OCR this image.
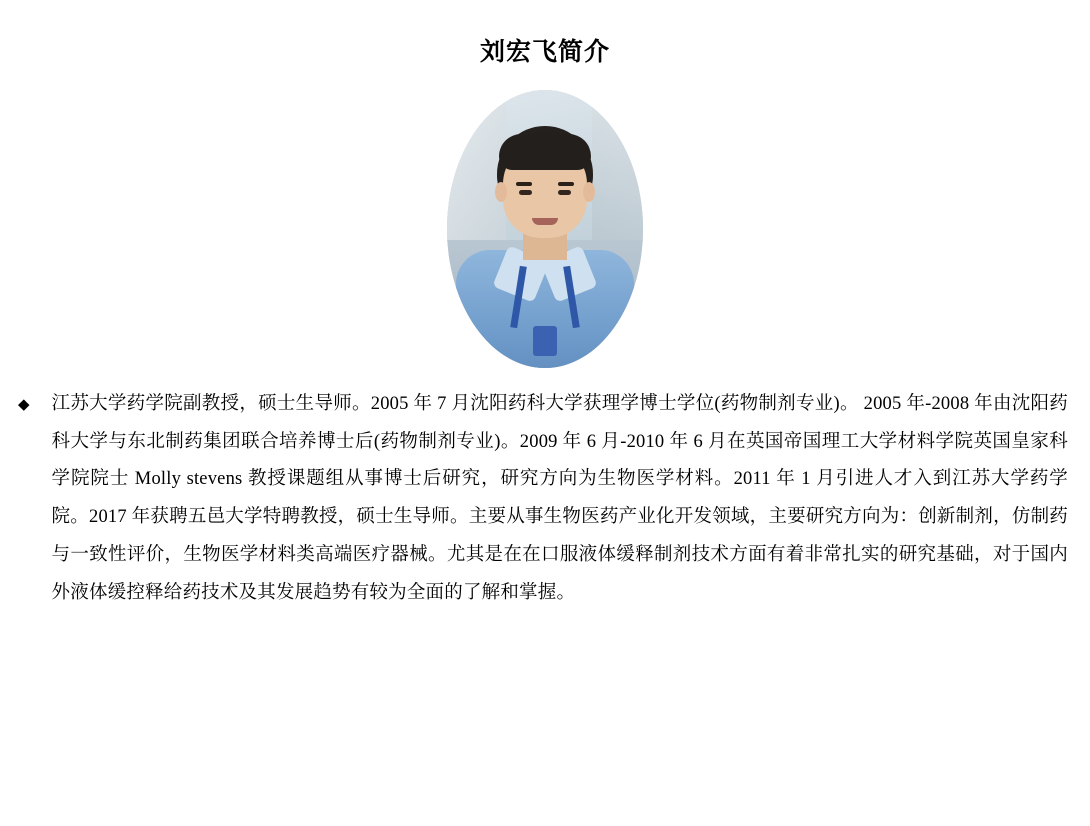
刘宏飞简介
◆ 江苏大学药学院副教授，硕士生导师。2005 年 7 月沈阳药科大学获理学博士学位(药物制剂专业)。 2005 年-2008 年由沈阳药科大学与东北制药集团联合培养博士后(药物制剂专业)。2009 年 6 月-2010 年 6 月在英国帝国理工大学材料学院英国皇家科学院院士 Molly stevens 教授课题组从事博士后研究，研究方向为生物医学材料。2011 年 1 月引进人才入到江苏大学药学院。2017 年获聘五邑大学特聘教授，硕士生导师。主要从事生物医药产业化开发领域，主要研究方向为：创新制剂，仿制药与一致性评价，生物医学材料类高端医疗器械。尤其是在在口服液体缓释制剂技术方面有着非常扎实的研究基础，对于国内外液体缓控释给药技术及其发展趋势有较为全面的了解和掌握。
